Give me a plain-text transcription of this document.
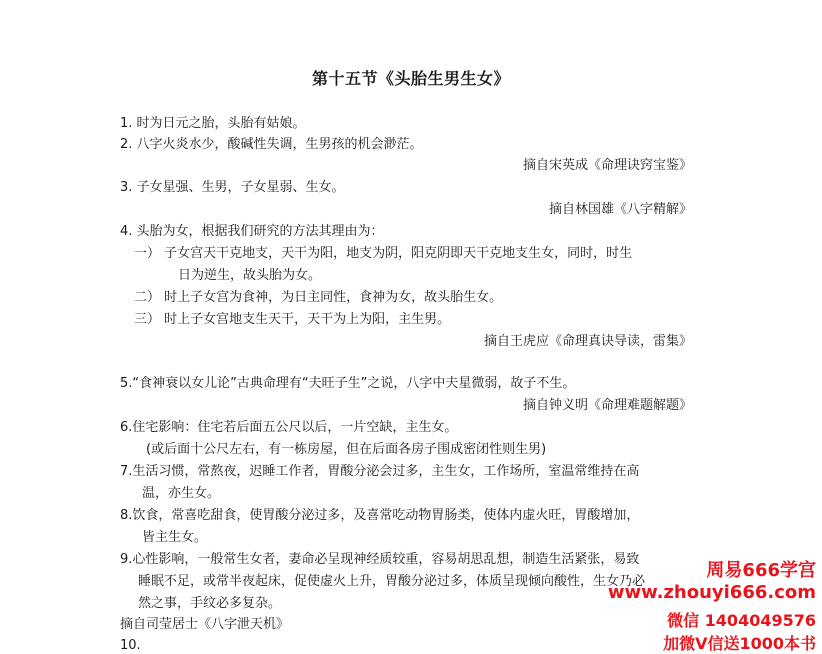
第十五节《头胎生男生女》
1. 时为日元之胎，头胎有姑娘。
2. 八字火炎水少，酸碱性失调，生男孩的机会渺茫。
摘自宋英成《命理诀窍宝鉴》
3. 子女星强、生男，子女星弱、生女。
摘自林国雄《八字精解》
4. 头胎为女，根据我们研究的方法其理由为：
一） 子女宫天干克地支，天干为阳，地支为阴，阳克阴即天干克地支生女，同时，时生
日为逆生，故头胎为女。
二） 时上子女宫为食神，为日主同性，食神为女，故头胎生女。
三） 时上子女宫地支生天干，天干为上为阳，主生男。
摘自王虎应《命理真诀导读，雷集》
5.“食神衰以女儿论”古典命理有“夫旺子生”之说，八字中夫星微弱，故子不生。
摘自钟义明《命理难题解题》
6.住宅影响：住宅若后面五公尺以后，一片空缺，主生女。
(或后面十公尺左右，有一栋房屋，但在后面各房子围成密闭性则生男)
7.生活习惯，常熬夜，迟睡工作者，胃酸分泌会过多，主生女，工作场所，室温常维持在高
温，亦生女。
8.饮食，常喜吃甜食，使胃酸分泌过多，及喜常吃动物胃肠类，使体内虚火旺，胃酸增加，
皆主生女。
9.心性影响，一般常生女者，妻命必呈现神经质较重，容易胡思乱想，制造生活紧张，易致
睡眠不足，或常半夜起床，促使虚火上升，胃酸分泌过多，体质呈现倾向酸性，生女乃必
然之事，手纹必多复杂。
摘自司莹居士《八字泄天机》
10.
周易666学宫
www.zhouyi666.com
微信 1404049576
加微V信送1000本书
